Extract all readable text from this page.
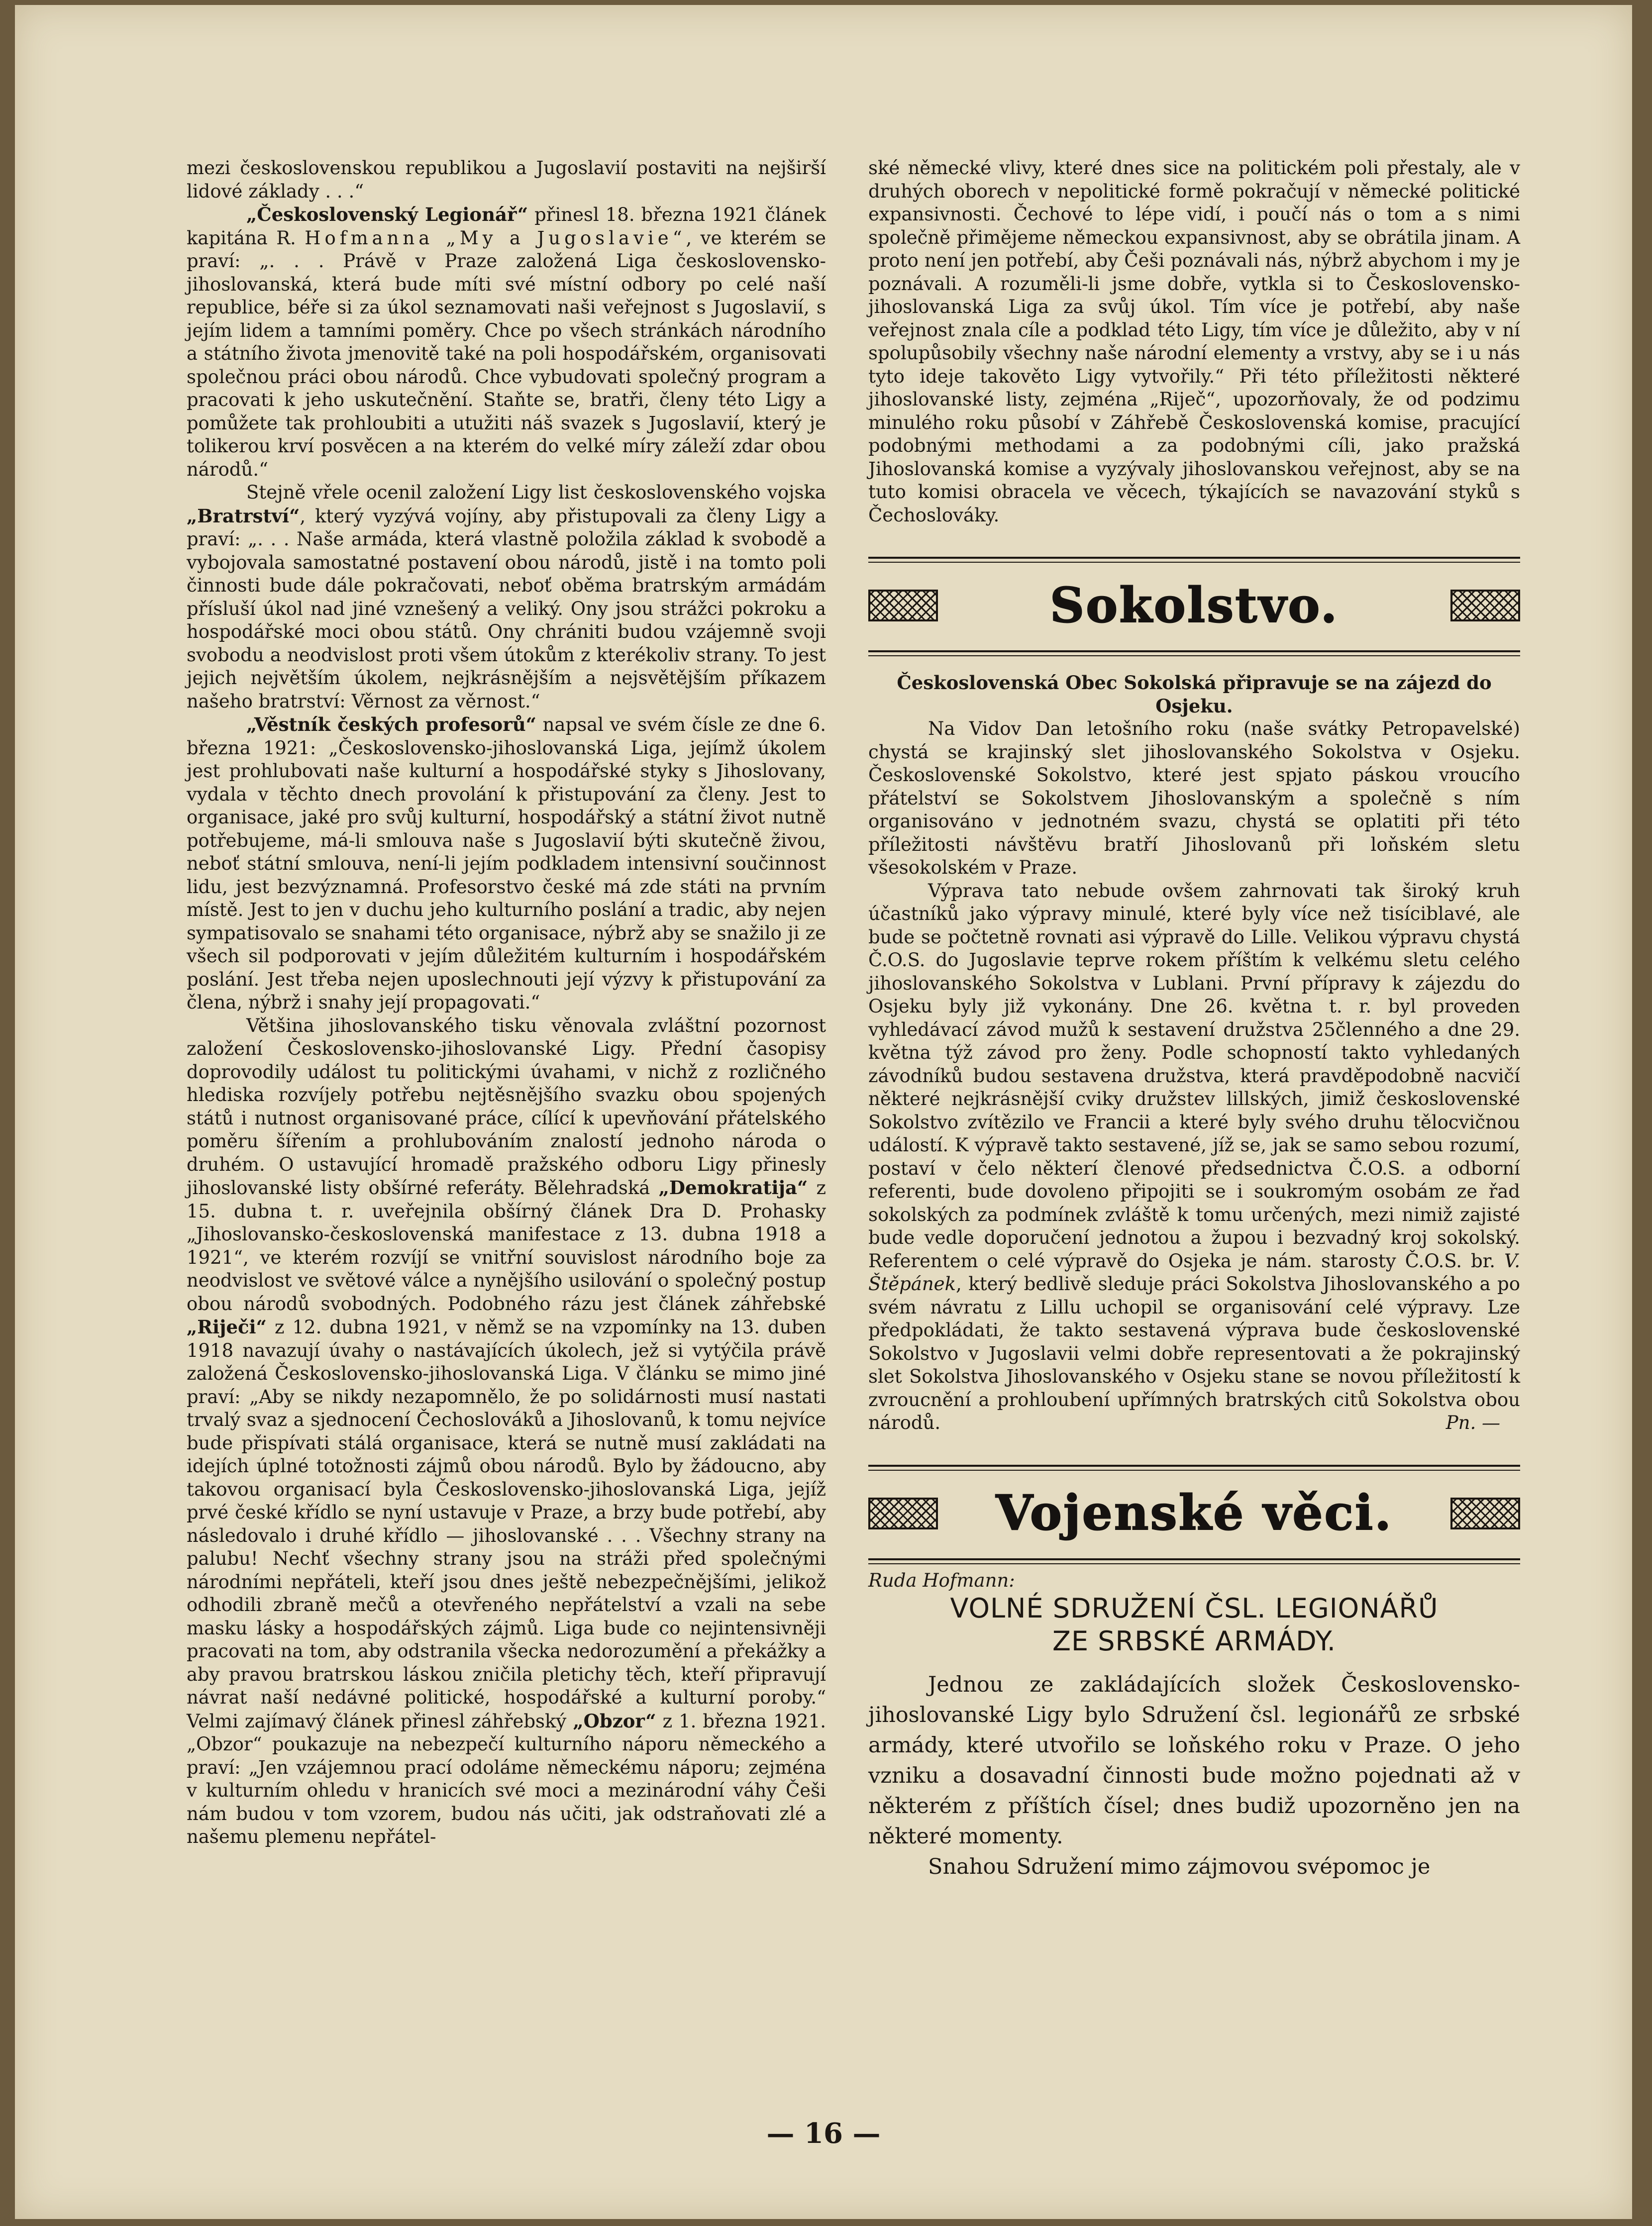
mezi československou republikou a Jugoslavií postaviti na nejširší lidové základy . . .“

„Československý Legionář“ přinesl 18. března 1921 článek kapitána R. Hofmanna „My a Jugoslavie“, ve kterém se praví: „. . . Právě v Praze založená Liga československo-jihoslovanská, která bude míti své místní odbory po celé naší republice, béře si za úkol seznamovati naši veřejnost s Jugoslavií, s jejím lidem a tamními poměry. Chce po všech stránkách národního a státního života jmenovitě také na poli hospodářském, organisovati společnou práci obou národů. Chce vybudovati společný program a pracovati k jeho uskutečnění. Staňte se, bratři, členy této Ligy a pomůžete tak prohloubiti a utužiti náš svazek s Jugoslavií, který je tolikerou krví posvěcen a na kterém do velké míry záleží zdar obou národů.“

Stejně vřele ocenil založení Ligy list československého vojska „Bratrství“, který vyzývá vojíny, aby přistupovali za členy Ligy a praví: „. . . Naše armáda, která vlastně položila základ k svobodě a vybojovala samostatné postavení obou národů, jistě i na tomto poli činnosti bude dále pokračovati, neboť oběma bratrským armádám přísluší úkol nad jiné vznešený a veliký. Ony jsou strážci pokroku a hospodářské moci obou států. Ony chrániti budou vzájemně svoji svobodu a neodvislost proti všem útokům z kterékoliv strany. To jest jejich největším úkolem, nejkrásnějším a nejsvětějším příkazem našeho bratrství: Věrnost za věrnost.“

„Věstník českých profesorů“ napsal ve svém čísle ze dne 6. března 1921: „Československo-jihoslovanská Liga, jejímž úkolem jest prohlubovati naše kulturní a hospodářské styky s Jihoslovany, vydala v těchto dnech provolání k přistupování za členy. Jest to organisace, jaké pro svůj kulturní, hospodářský a státní život nutně potřebujeme, má-li smlouva naše s Jugoslavií býti skutečně živou, neboť státní smlouva, není-li jejím podkladem intensivní součinnost lidu, jest bezvýznamná. Profesorstvo české má zde státi na prvním místě. Jest to jen v duchu jeho kulturního poslání a tradic, aby nejen sympatisovalo se snahami této organisace, nýbrž aby se snažilo ji ze všech sil podporovati v jejím důležitém kulturním i hospodářském poslání. Jest třeba nejen uposlechnouti její výzvy k přistupování za člena, nýbrž i snahy její propagovati.“

Většina jihoslovanského tisku věnovala zvláštní pozornost založení Československo-jihoslovanské Ligy. Přední časopisy doprovodily událost tu politickými úvahami, v nichž z rozličného hlediska rozvíjely potřebu nejtěsnějšího svazku obou spojených států i nutnost organisované práce, cílící k upevňování přátelského poměru šířením a prohlubováním znalostí jednoho národa o druhém. O ustavující hromadě pražského odboru Ligy přinesly jihoslovanské listy obšírné referáty. Bělehradská „Demokratija“ z 15. dubna t. r. uveřejnila obšírný článek Dra D. Prohasky „Jihoslovansko-československá manifestace z 13. dubna 1918 a 1921“, ve kterém rozvíjí se vnitřní souvislost národního boje za neodvislost ve světové válce a nynějšího usilování o společný postup obou národů svobodných. Podobného rázu jest článek záhřebské „Riječi“ z 12. dubna 1921, v němž se na vzpomínky na 13. duben 1918 navazují úvahy o nastávajících úkolech, jež si vytýčila právě založená Československo-jihoslovanská Liga. V článku se mimo jiné praví: „Aby se nikdy nezapomnělo, že po solidárnosti musí nastati trvalý svaz a sjednocení Čechoslováků a Jihoslovanů, k tomu nejvíce bude přispívati stálá organisace, která se nutně musí zakládati na idejích úplné totožnosti zájmů obou národů. Bylo by žádoucno, aby takovou organisací byla Československo-jihoslovanská Liga, jejíž prvé české křídlo se nyní ustavuje v Praze, a brzy bude potřebí, aby následovalo i druhé křídlo — jihoslovanské . . . Všechny strany na palubu! Nechť všechny strany jsou na stráži před společnými národními nepřáteli, kteří jsou dnes ještě nebezpečnějšími, jelikož odhodili zbraně mečů a otevřeného nepřátelství a vzali na sebe masku lásky a hospodářských zájmů. Liga bude co nejintensivněji pracovati na tom, aby odstranila všecka nedorozumění a překážky a aby pravou bratrskou láskou zničila pletichy těch, kteří připravují návrat naší nedávné politické, hospodářské a kulturní poroby.“ Velmi zajímavý článek přinesl záhřebský „Obzor“ z 1. března 1921. „Obzor“ poukazuje na nebezpečí kulturního náporu německého a praví: „Jen vzájemnou prací odoláme německému náporu; zejména v kulturním ohledu v hranicích své moci a mezinárodní váhy Češi nám budou v tom vzorem, budou nás učiti, jak odstraňovati zlé a našemu plemenu nepřátel-

ské německé vlivy, které dnes sice na politickém poli přestaly, ale v druhých oborech v nepolitické formě pokračují v německé politické expansivnosti. Čechové to lépe vidí, i poučí nás o tom a s nimi společně přimějeme německou expansivnost, aby se obrátila jinam. A proto není jen potřebí, aby Češi poznávali nás, nýbrž abychom i my je poznávali. A rozuměli-li jsme dobře, vytkla si to Československo-jihoslovanská Liga za svůj úkol. Tím více je potřebí, aby naše veřejnost znala cíle a podklad této Ligy, tím více je důležito, aby v ní spolupůsobily všechny naše národní elementy a vrstvy, aby se i u nás tyto ideje takověto Ligy vytvořily.“ Při této příležitosti některé jihoslovanské listy, zejména „Riječ“, upozorňovaly, že od podzimu minulého roku působí v Záhřebě Československá komise, pracující podobnými methodami a za podobnými cíli, jako pražská Jihoslovanská komise a vyzývaly jihoslovanskou veřejnost, aby se na tuto komisi obracela ve věcech, týkajících se navazování styků s Čechoslováky.

Sokolstvo.

Československá Obec Sokolská připravuje se na zájezd do Osjeku.

Na Vidov Dan letošního roku (naše svátky Petropavelské) chystá se krajinský slet jihoslovanského Sokolstva v Osjeku. Československé Sokolstvo, které jest spjato páskou vroucího přátelství se Sokolstvem Jihoslovanským a společně s ním organisováno v jednotném svazu, chystá se oplatiti při této příležitosti návštěvu bratří Jihoslovanů při loňském sletu všesokolském v Praze.

Výprava tato nebude ovšem zahrnovati tak široký kruh účastníků jako výpravy minulé, které byly více než tisíciblavé, ale bude se počtetně rovnati asi výpravě do Lille. Velikou výpravu chystá Č.O.S. do Jugoslavie teprve rokem příštím k velkému sletu celého jihoslovanského Sokolstva v Lublani. První přípravy k zájezdu do Osjeku byly již vykonány. Dne 26. května t. r. byl proveden vyhledávací závod mužů k sestavení družstva 25členného a dne 29. května týž závod pro ženy. Podle schopností takto vyhledaných závodníků budou sestavena družstva, která pravděpodobně nacvičí některé nejkrásnější cviky družstev lillských, jimiž československé Sokolstvo zvítězilo ve Francii a které byly svého druhu tělocvičnou událostí. K výpravě takto sestavené, jíž se, jak se samo sebou rozumí, postaví v čelo některí členové předsednictva Č.O.S. a odborní referenti, bude dovoleno připojiti se i soukromým osobám ze řad sokolských za podmínek zvláště k tomu určených, mezi nimiž zajisté bude vedle doporučení jednotou a župou i bezvadný kroj sokolský. Referentem o celé výpravě do Osjeka je nám. starosty Č.O.S. br. V. Štěpánek, který bedlivě sleduje práci Sokolstva Jihoslovanského a po svém návratu z Lillu uchopil se organisování celé výpravy. Lze předpokládati, že takto sestavená výprava bude československé Sokolstvo v Jugoslavii velmi dobře representovati a že pokrajinský slet Sokolstva Jihoslovanského v Osjeku stane se novou příležitostí k zvroucnění a prohloubení upřímných bratrských citů Sokolstva obou národů.	Pn. —

Vojenské věci.

Ruda Hofmann:

VOLNÉ SDRUŽENÍ ČSL. LEGIONÁŘŮ
ZE SRBSKÉ ARMÁDY.

Jednou ze zakládajících složek Československo-jihoslovanské Ligy bylo Sdružení čsl. legionářů ze srbské armády, které utvořilo se loňského roku v Praze. O jeho vzniku a dosavadní činnosti bude možno pojednati až v některém z příštích čísel; dnes budiž upozorněno jen na některé momenty.

Snahou Sdružení mimo zájmovou svépomoc je

— 16 —
